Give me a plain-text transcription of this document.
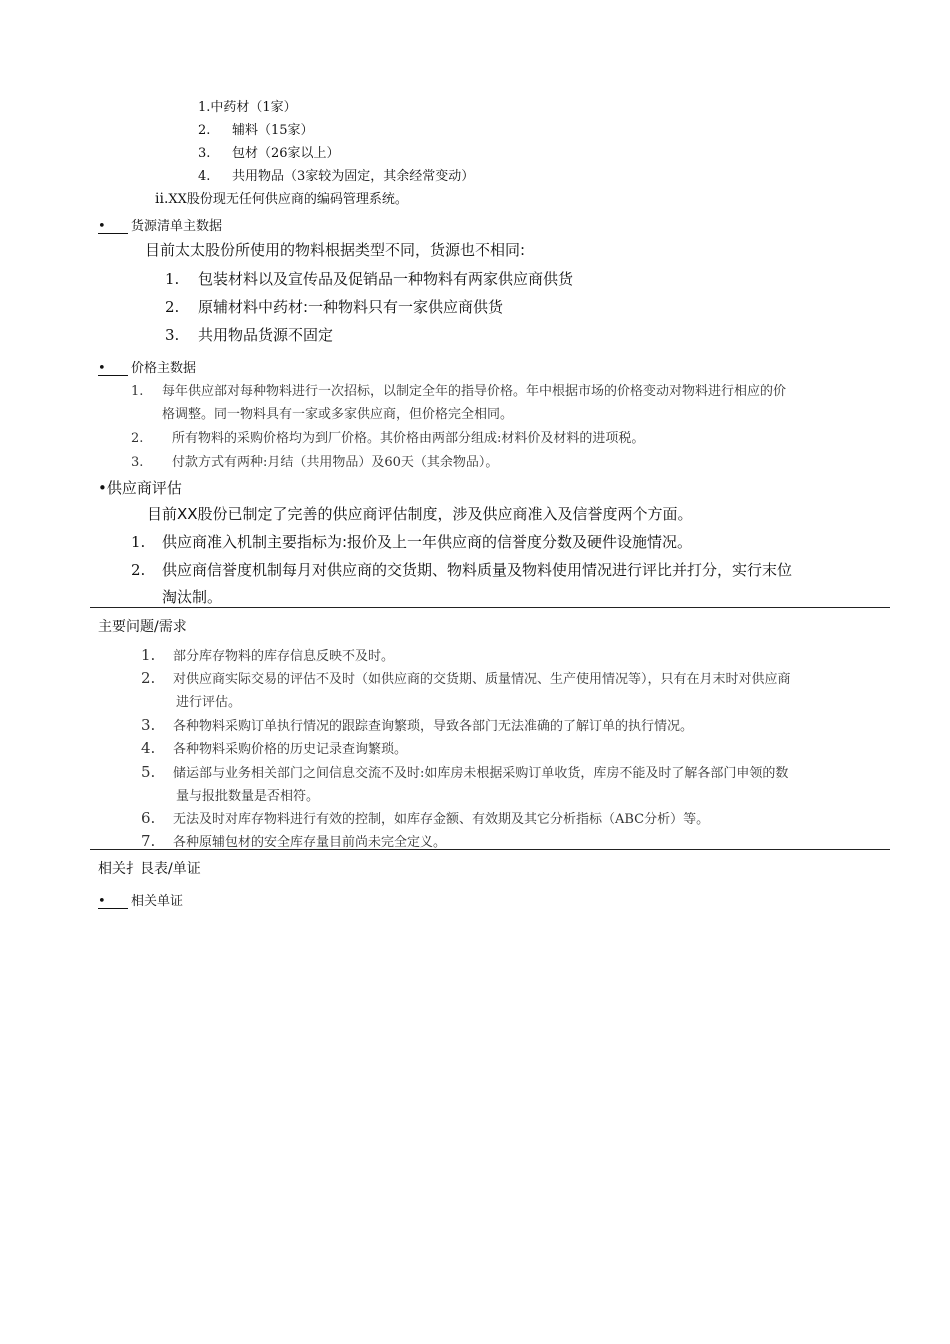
1.中药材（1家）
2. 辅料（15家）
3. 包材（26家以上）
4. 共用物品（3家较为固定，其余经常变动）
ii.XX股份现无任何供应商的编码管理系统。
• 货源清单主数据
目前太太股份所使用的物料根据类型不同，货源也不相同:
1. 包装材料以及宣传品及促销品一种物料有两家供应商供货
2. 原辅材料中药材:一种物料只有一家供应商供货
3. 共用物品货源不固定
• 价格主数据
1. 每年供应部对每种物料进行一次招标，以制定全年的指导价格。年中根据市场的价格变动对物料进行相应的价
格调整。同一物料具有一家或多家供应商，但价格完全相同。
2. 所有物料的采购价格均为到厂价格。其价格由两部分组成:材料价及材料的进项税。
3. 付款方式有两种:月结（共用物品）及60天（其余物品）。
•供应商评估
目前XX股份已制定了完善的供应商评估制度，涉及供应商准入及信誉度两个方面。
1. 供应商准入机制主要指标为:报价及上一年供应商的信誉度分数及硬件设施情况。
2. 供应商信誉度机制每月对供应商的交货期、物料质量及物料使用情况进行评比并打分，实行末位
淘汰制。
主要问题/需求
1. 部分库存物料的库存信息反映不及时。
2. 对供应商实际交易的评估不及时（如供应商的交货期、质量情况、生产使用情况等），只有在月末时对供应商
进行评估。
3. 各种物料采购订单执行情况的跟踪查询繁琐，导致各部门无法准确的了解订单的执行情况。
4. 各种物料采购价格的历史记录查询繁琐。
5. 储运部与业务相关部门之间信息交流不及时:如库房未根据采购订单收货，库房不能及时了解各部门申领的数
量与报批数量是否相符。
6. 无法及时对库存物料进行有效的控制，如库存金额、有效期及其它分析指标（ABC分析）等。
7. 各种原辅包材的安全库存量目前尚未完全定义。
相关扌艮表/单证
• 相关单证
